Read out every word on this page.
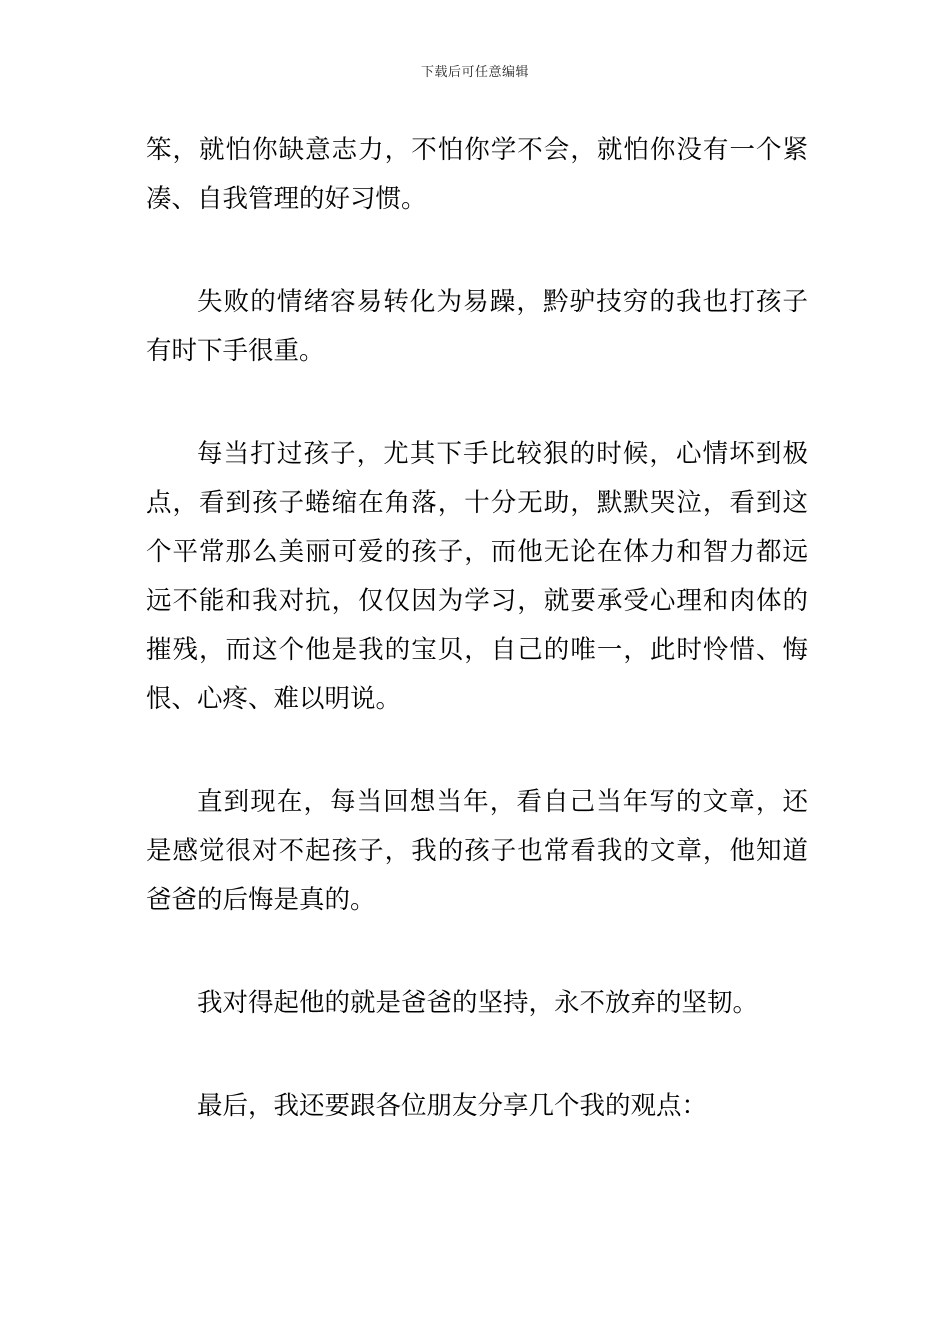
下载后可任意编辑

笨，就怕你缺意志力，不怕你学不会，就怕你没有一个紧凑、自我管理的好习惯。

失败的情绪容易转化为易躁，黔驴技穷的我也打孩子有时下手很重。

每当打过孩子，尤其下手比较狠的时候，心情坏到极点，看到孩子蜷缩在角落，十分无助，默默哭泣，看到这个平常那么美丽可爱的孩子，而他无论在体力和智力都远远不能和我对抗，仅仅因为学习，就要承受心理和肉体的摧残，而这个他是我的宝贝，自己的唯一，此时怜惜、悔恨、心疼、难以明说。

直到现在，每当回想当年，看自己当年写的文章，还是感觉很对不起孩子，我的孩子也常看我的文章，他知道爸爸的后悔是真的。

我对得起他的就是爸爸的坚持，永不放弃的坚韧。

最后，我还要跟各位朋友分享几个我的观点：
